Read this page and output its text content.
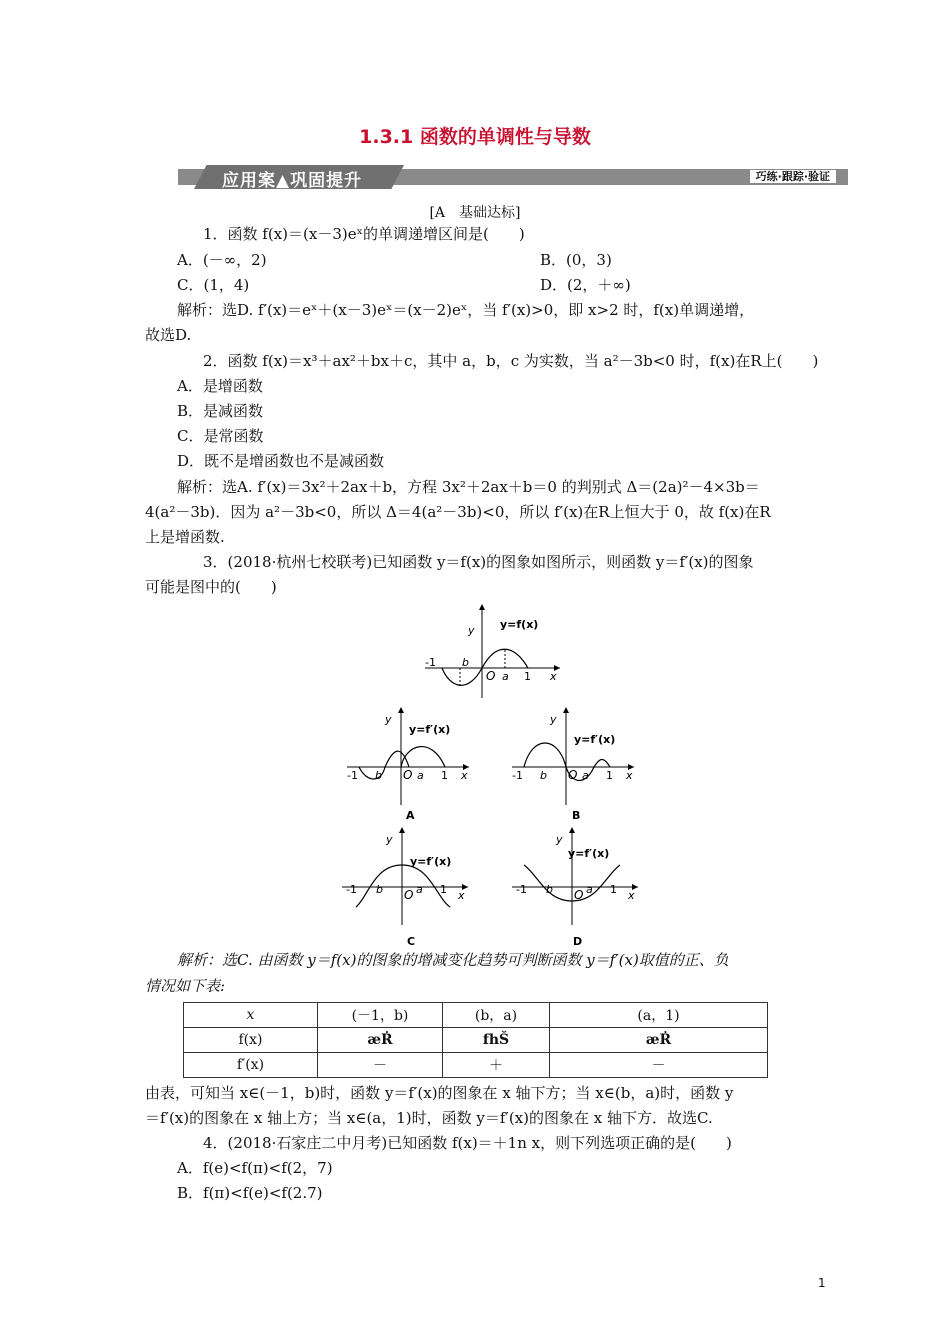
1.3.1 函数的单调性与导数
应用案▲巩固提升	巧练·跟踪·验证
[A　基础达标]
1．函数 f(x)＝(x－3)eˣ的单调递增区间是(　　)
A．(－∞，2)	B．(0，3)
C．(1，4)	D．(2，＋∞)
解析：选D. f′(x)＝eˣ＋(x－3)eˣ＝(x－2)eˣ，当 f′(x)>0，即 x>2 时，f(x)单调递增，
故选D.
2．函数 f(x)＝x³＋ax²＋bx＋c，其中 a，b，c 为实数，当 a²－3b<0 时，f(x)在R上(　　)
A．是增函数
B．是减函数
C．是常函数
D．既不是增函数也不是减函数
解析：选A. f′(x)＝3x²＋2ax＋b，方程 3x²＋2ax＋b＝0 的判别式 Δ＝(2a)²－4×3b＝
4(a²－3b)．因为 a²－3b<0，所以 Δ＝4(a²－3b)<0，所以 f′(x)在R上恒大于 0，故 f(x)在R
上是增函数.
3．(2018·杭州七校联考)已知函数 y＝f(x)的图象如图所示，则函数 y＝f′(x)的图象
可能是图中的(　　)
y y=f(x)
-1 b
O a 1 x
y
y=f′(x)
-1 b O a 1 x
A
y
y=f′(x)
-1 b O a 1 x
B
y
y=f′(x)
-1 b O a 1 x
C
y
y=f′(x)
-1 b O a 1 x
D
解析：选C. 由函数 y＝f(x)的图象的增减变化趋势可判断函数 y＝f′(x)取值的正、负
情况如下表:
x	(－1，b)	(b，a)	(a，1)
f(x)	æṘ	fhŠ	æṘ
f′(x)	－	＋	－
由表，可知当 x∈(－1，b)时，函数 y＝f′(x)的图象在 x 轴下方；当 x∈(b，a)时，函数 y
＝f′(x)的图象在 x 轴上方；当 x∈(a，1)时，函数 y＝f′(x)的图象在 x 轴下方．故选C.
4．(2018·石家庄二中月考)已知函数 f(x)＝＋1n x，则下列选项正确的是(　　)
A．f(e)<f(π)<f(2，7)
B．f(π)<f(e)<f(2.7)
1
